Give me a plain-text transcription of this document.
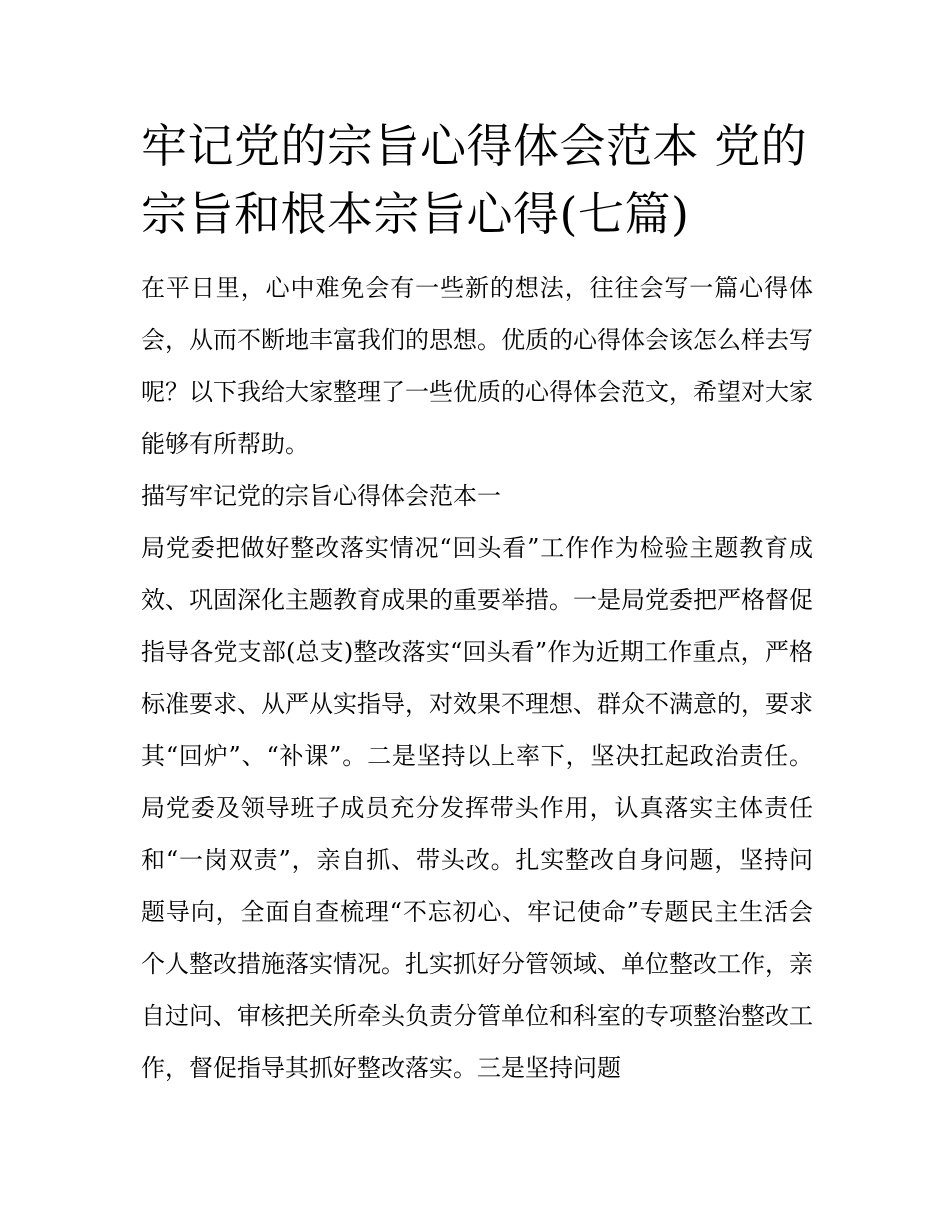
牢记党的宗旨心得体会范本 党的宗旨和根本宗旨心得(七篇)

在平日里，心中难免会有一些新的想法，往往会写一篇心得体会，从而不断地丰富我们的思想。优质的心得体会该怎么样去写呢？以下我给大家整理了一些优质的心得体会范文，希望对大家能够有所帮助。

描写牢记党的宗旨心得体会范本一

局党委把做好整改落实情况“回头看”工作作为检验主题教育成效、巩固深化主题教育成果的重要举措。一是局党委把严格督促指导各党支部(总支)整改落实“回头看”作为近期工作重点，严格标准要求、从严从实指导，对效果不理想、群众不满意的，要求其“回炉”、“补课”。二是坚持以上率下，坚决扛起政治责任。局党委及领导班子成员充分发挥带头作用，认真落实主体责任和“一岗双责”，亲自抓、带头改。扎实整改自身问题，坚持问题导向，全面自查梳理“不忘初心、牢记使命”专题民主生活会个人整改措施落实情况。扎实抓好分管领域、单位整改工作，亲自过问、审核把关所牵头负责分管单位和科室的专项整治整改工作，督促指导其抓好整改落实。三是坚持问题
